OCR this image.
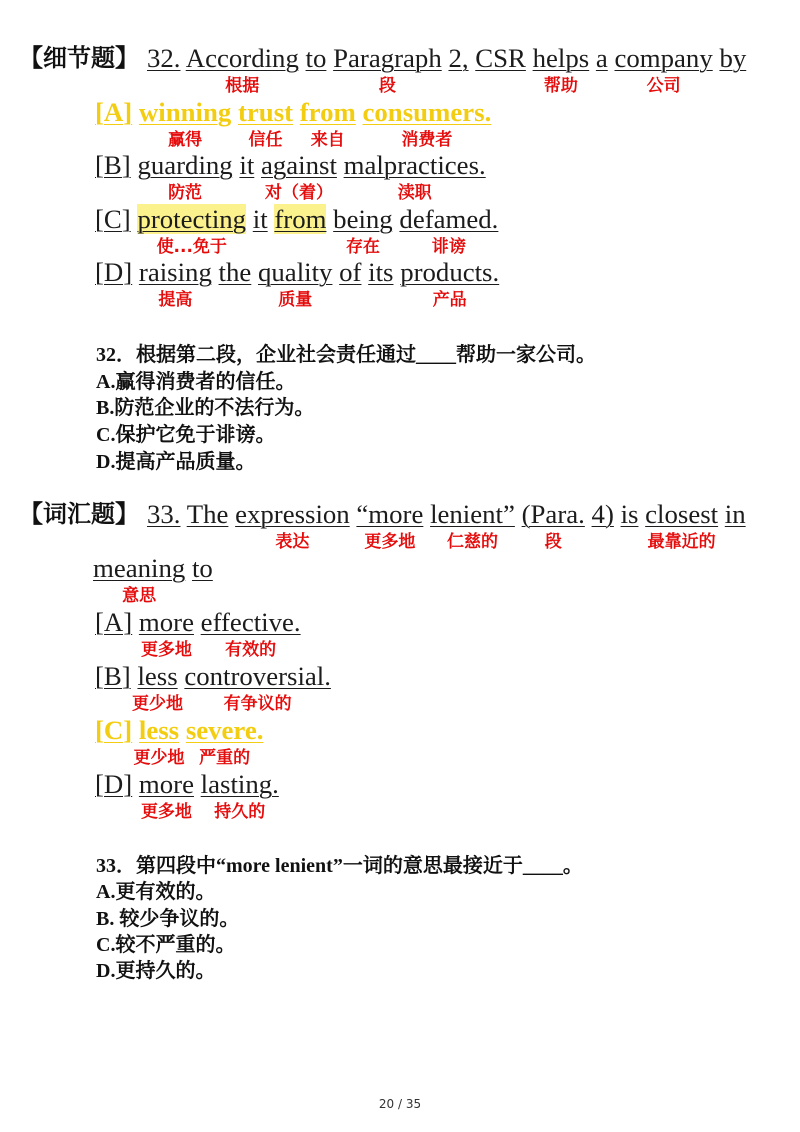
【细节题】 32. According to Paragraph 2, CSR helps a company by
根据	段	帮助	公司
[A] winning trust from consumers.
赢得	信任 来自	消费者
[B] guarding it against malpractices.
防范	对（着）	渎职
[C] protecting it from being defamed.
使...免于	存在	诽谤
[D] raising the quality of its products.
提高	质量	产品
32．根据第二段，企业社会责任通过____帮助一家公司。
A.赢得消费者的信任。
B.防范企业的不法行为。
C.保护它免于诽谤。
D.提高产品质量。
【词汇题】 33. The expression “more lenient” (Para. 4) is closest in
表达	更多地 仁慈的	段	最靠近的
meaning to
意思
[A] more effective.
更多地 有效的
[B] less controversial.
更少地 有争议的
[C] less severe.
更少地 严重的
[D] more lasting.
更多地 持久的
33．第四段中“more lenient”一词的意思最接近于____。
A.更有效的。
B. 较少争议的。
C.较不严重的。
D.更持久的。
20 / 35
